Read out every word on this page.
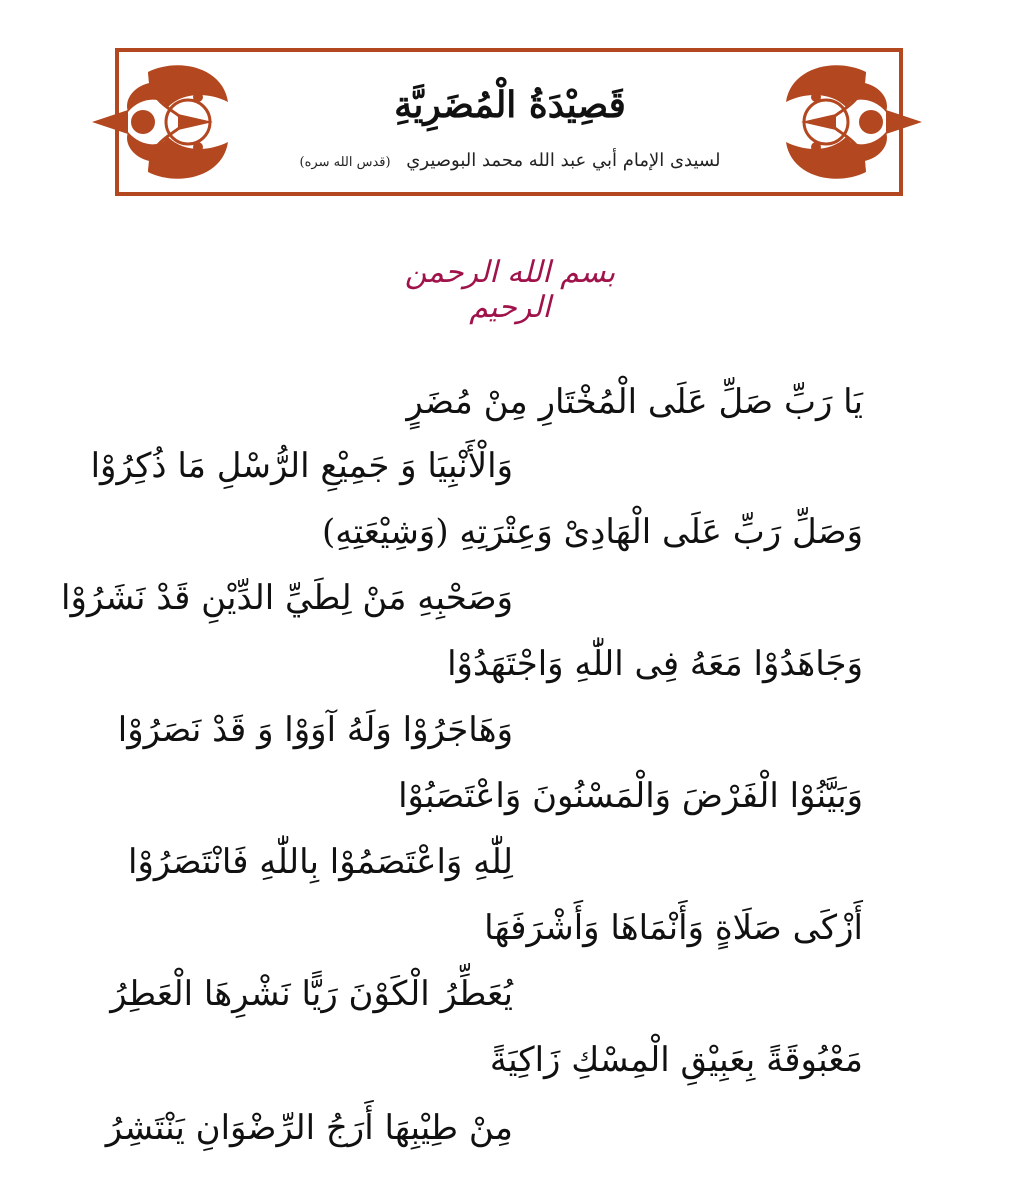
قَصِيْدَةُ الْمُضَرِيَّةِ
لسيدى الإمام أبي عبد الله محمد البوصيري (قدس الله سره)
بسم الله الرحمن الرحيم
يَا رَبِّ صَلِّ عَلَى الْمُخْتَارِ مِنْ مُضَرٍ
وَالْأَنْبِيَا وَ جَمِيْعِ الرُّسْلِ مَا ذُكِرُوْا
وَصَلِّ رَبِّ عَلَى الْهَادِىْ وَعِتْرَتِهِ (وَشِيْعَتِهِ)
وَصَحْبِهِ مَنْ لِطَيِّ الدِّيْنِ قَدْ نَشَرُوْا
وَجَاهَدُوْا مَعَهُ فِى اللّٰهِ وَاجْتَهَدُوْا
وَهَاجَرُوْا وَلَهُ آوَوْا وَ قَدْ نَصَرُوْا
وَبَيَّنُوْا الْفَرْضَ وَالْمَسْنُونَ وَاعْتَصَبُوْا
لِلّٰهِ وَاعْتَصَمُوْا بِاللّٰهِ فَانْتَصَرُوْا
أَزْكَى صَلَاةٍ وَأَنْمَاهَا وَأَشْرَفَهَا
يُعَطِّرُ الْكَوْنَ رَيًّا نَشْرِهَا الْعَطِرُ
مَعْبُوقَةً بِعَبِيْقِ الْمِسْكِ زَاكِيَةً
مِنْ طِيْبِهَا أَرَجُ الرِّضْوَانِ يَنْتَشِرُ
